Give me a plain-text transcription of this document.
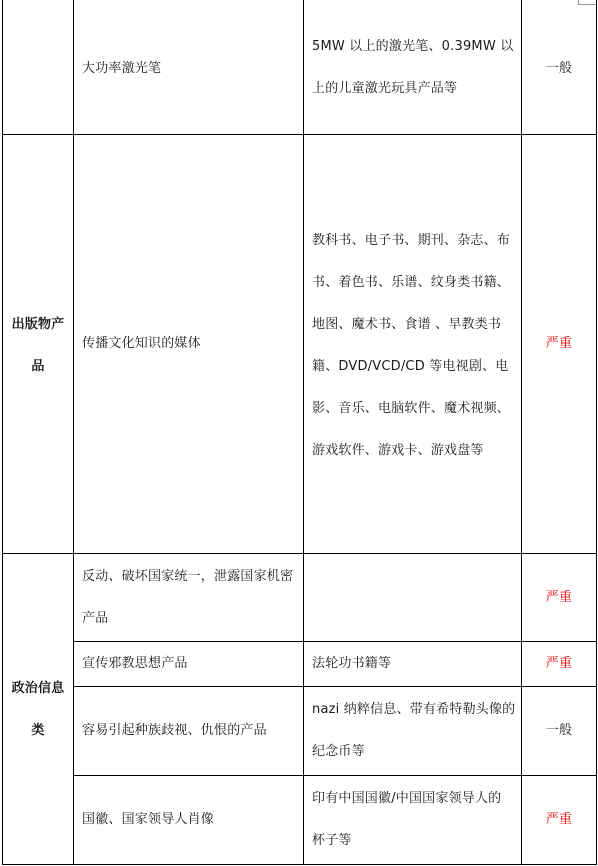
大功率激光笔
5MW 以上的激光笔、0.39MW 以
上的儿童激光玩具产品等
一般
出版物产
品
传播文化知识的媒体
教科书、电子书、期刊、杂志、布
书、着色书、乐谱、纹身类书籍、
地图、魔术书、食谱 、早教类书
籍、DVD/VCD/CD 等电视剧、电
影、音乐、电脑软件、魔术视频、
游戏软件、游戏卡、游戏盘等
严重
政治信息
类
反动、破坏国家统一，泄露国家机密
产品
严重
宣传邪教思想产品	法轮功书籍等	严重
容易引起种族歧视、仇恨的产品
nazi 纳粹信息、带有希特勒头像的
纪念币等
一般
国徽、国家领导人肖像
印有中国国徽/中国国家领导人的
杯子等
严重
